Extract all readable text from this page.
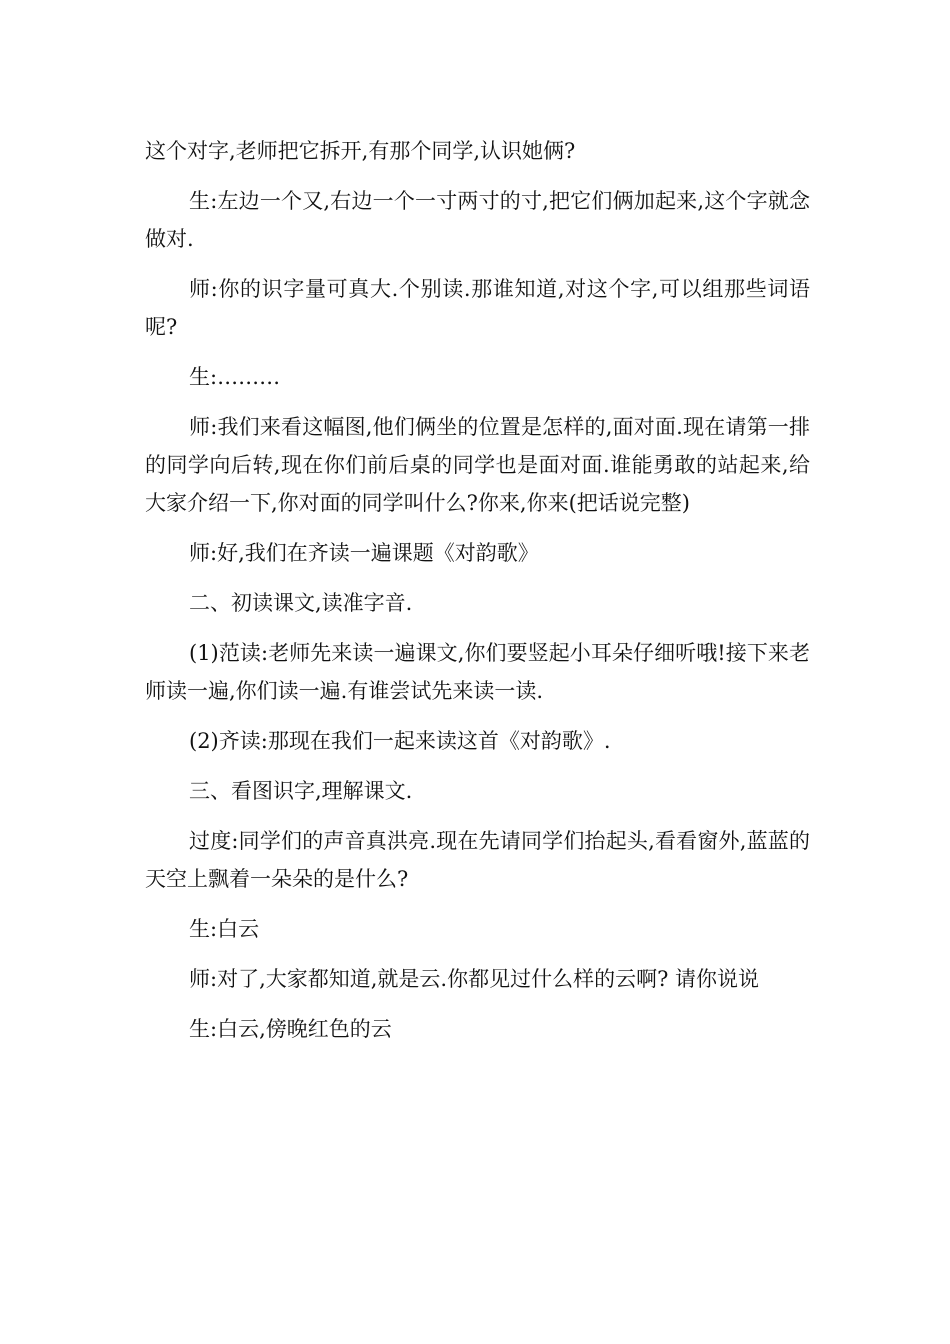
这个对字,老师把它拆开,有那个同学,认识她俩?

生:左边一个又,右边一个一寸两寸的寸,把它们俩加起来,这个字就念做对.

师:你的识字量可真大.个别读.那谁知道,对这个字,可以组那些词语呢?

生:………

师:我们来看这幅图,他们俩坐的位置是怎样的,面对面.现在请第一排的同学向后转,现在你们前后桌的同学也是面对面.谁能勇敢的站起来,给大家介绍一下,你对面的同学叫什么?你来,你来(把话说完整)

师:好,我们在齐读一遍课题《对韵歌》

二、初读课文,读准字音.

(1)范读:老师先来读一遍课文,你们要竖起小耳朵仔细听哦!接下来老师读一遍,你们读一遍.有谁尝试先来读一读.

(2)齐读:那现在我们一起来读这首《对韵歌》.

三、看图识字,理解课文.

过度:同学们的声音真洪亮.现在先请同学们抬起头,看看窗外,蓝蓝的天空上飘着一朵朵的是什么?

生:白云

师:对了,大家都知道,就是云.你都见过什么样的云啊? 请你说说

生:白云,傍晚红色的云
